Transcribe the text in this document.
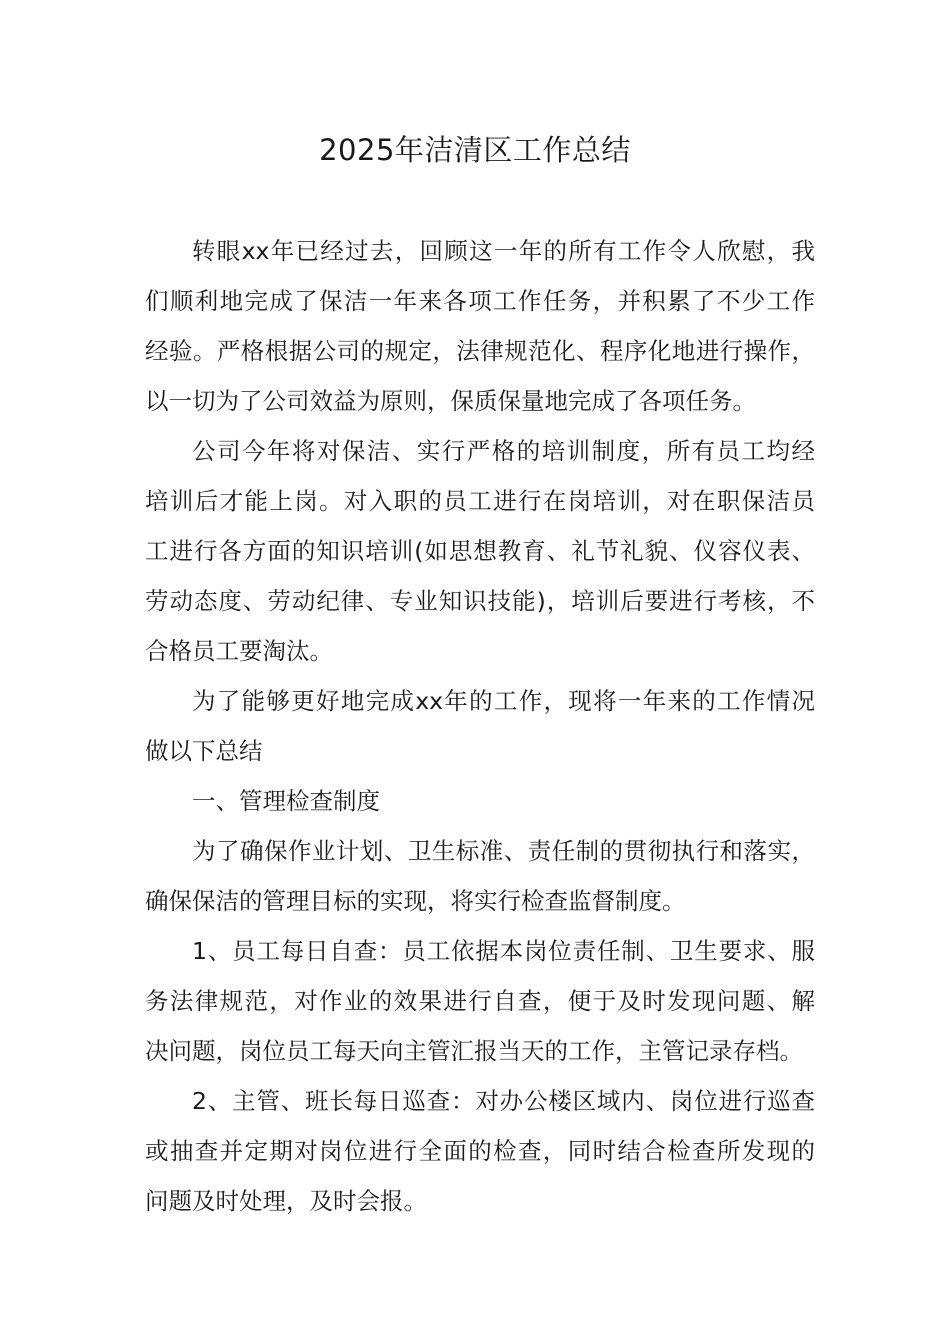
2025年洁清区工作总结
转眼xx年已经过去，回顾这一年的所有工作令人欣慰，我
们顺利地完成了保洁一年来各项工作任务，并积累了不少工作
经验。严格根据公司的规定，法律规范化、程序化地进行操作，
以一切为了公司效益为原则，保质保量地完成了各项任务。
公司今年将对保洁、实行严格的培训制度，所有员工均经
培训后才能上岗。对入职的员工进行在岗培训，对在职保洁员
工进行各方面的知识培训(如思想教育、礼节礼貌、仪容仪表、
劳动态度、劳动纪律、专业知识技能)，培训后要进行考核，不
合格员工要淘汰。
为了能够更好地完成xx年的工作，现将一年来的工作情况
做以下总结
一、管理检查制度
为了确保作业计划、卫生标准、责任制的贯彻执行和落实，
确保保洁的管理目标的实现，将实行检查监督制度。
1、员工每日自查：员工依据本岗位责任制、卫生要求、服
务法律规范，对作业的效果进行自查，便于及时发现问题、解
决问题，岗位员工每天向主管汇报当天的工作，主管记录存档。
2、主管、班长每日巡查：对办公楼区域内、岗位进行巡查
或抽查并定期对岗位进行全面的检查，同时结合检查所发现的
问题及时处理，及时会报。
